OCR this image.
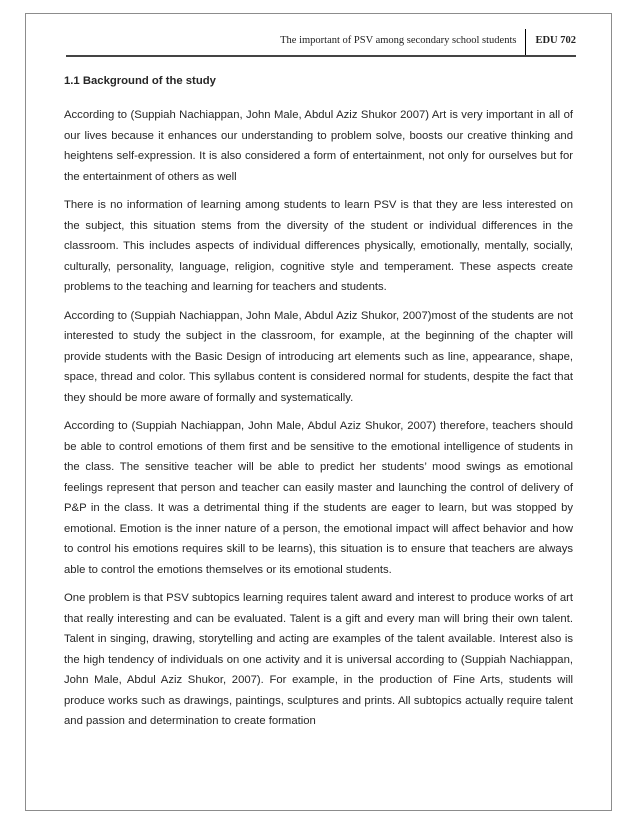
The important of PSV among secondary school students	EDU 702
1.1 Background of the study

According to (Suppiah Nachiappan, John Male, Abdul Aziz Shukor 2007) Art is very important in all of our lives because it enhances our understanding to problem solve, boosts our creative thinking and heightens self-expression. It is also considered a form of entertainment, not only for ourselves but for the entertainment of others as well

There is no information of learning among students to learn PSV is that they are less interested on the subject, this situation stems from the diversity of the student or individual differences in the classroom. This includes aspects of individual differences physically, emotionally, mentally, socially, culturally, personality, language, religion, cognitive style and temperament. These aspects create problems to the teaching and learning for teachers and students.

According to (Suppiah Nachiappan, John Male, Abdul Aziz Shukor, 2007)most of the students are not interested to study the subject in the classroom, for example, at the beginning of the chapter will provide students with the Basic Design of introducing art elements such as line, appearance, shape, space, thread and color. This syllabus content is considered normal for students, despite the fact that they should be more aware of formally and systematically.

According to (Suppiah Nachiappan, John Male, Abdul Aziz Shukor, 2007) therefore, teachers should be able to control emotions of them first and be sensitive to the emotional intelligence of students in the class. The sensitive teacher will be able to predict her students’ mood swings as emotional feelings represent that person and teacher can easily master and launching the control of delivery of P&P in the class. It was a detrimental thing if the students are eager to learn, but was stopped by emotional. Emotion is the inner nature of a person, the emotional impact will affect behavior and how to control his emotions requires skill to be learns), this situation is to ensure that teachers are always able to control the emotions themselves or its emotional students.

One problem is that PSV subtopics learning requires talent award and interest to produce works of art that really interesting and can be evaluated. Talent is a gift and every man will bring their own talent. Talent in singing, drawing, storytelling and acting are examples of the talent available. Interest also is the high tendency of individuals on one activity and it is universal according to (Suppiah Nachiappan, John Male, Abdul Aziz Shukor, 2007). For example, in the production of Fine Arts, students will produce works such as drawings, paintings, sculptures and prints. All subtopics actually require talent and passion and determination to create formation
